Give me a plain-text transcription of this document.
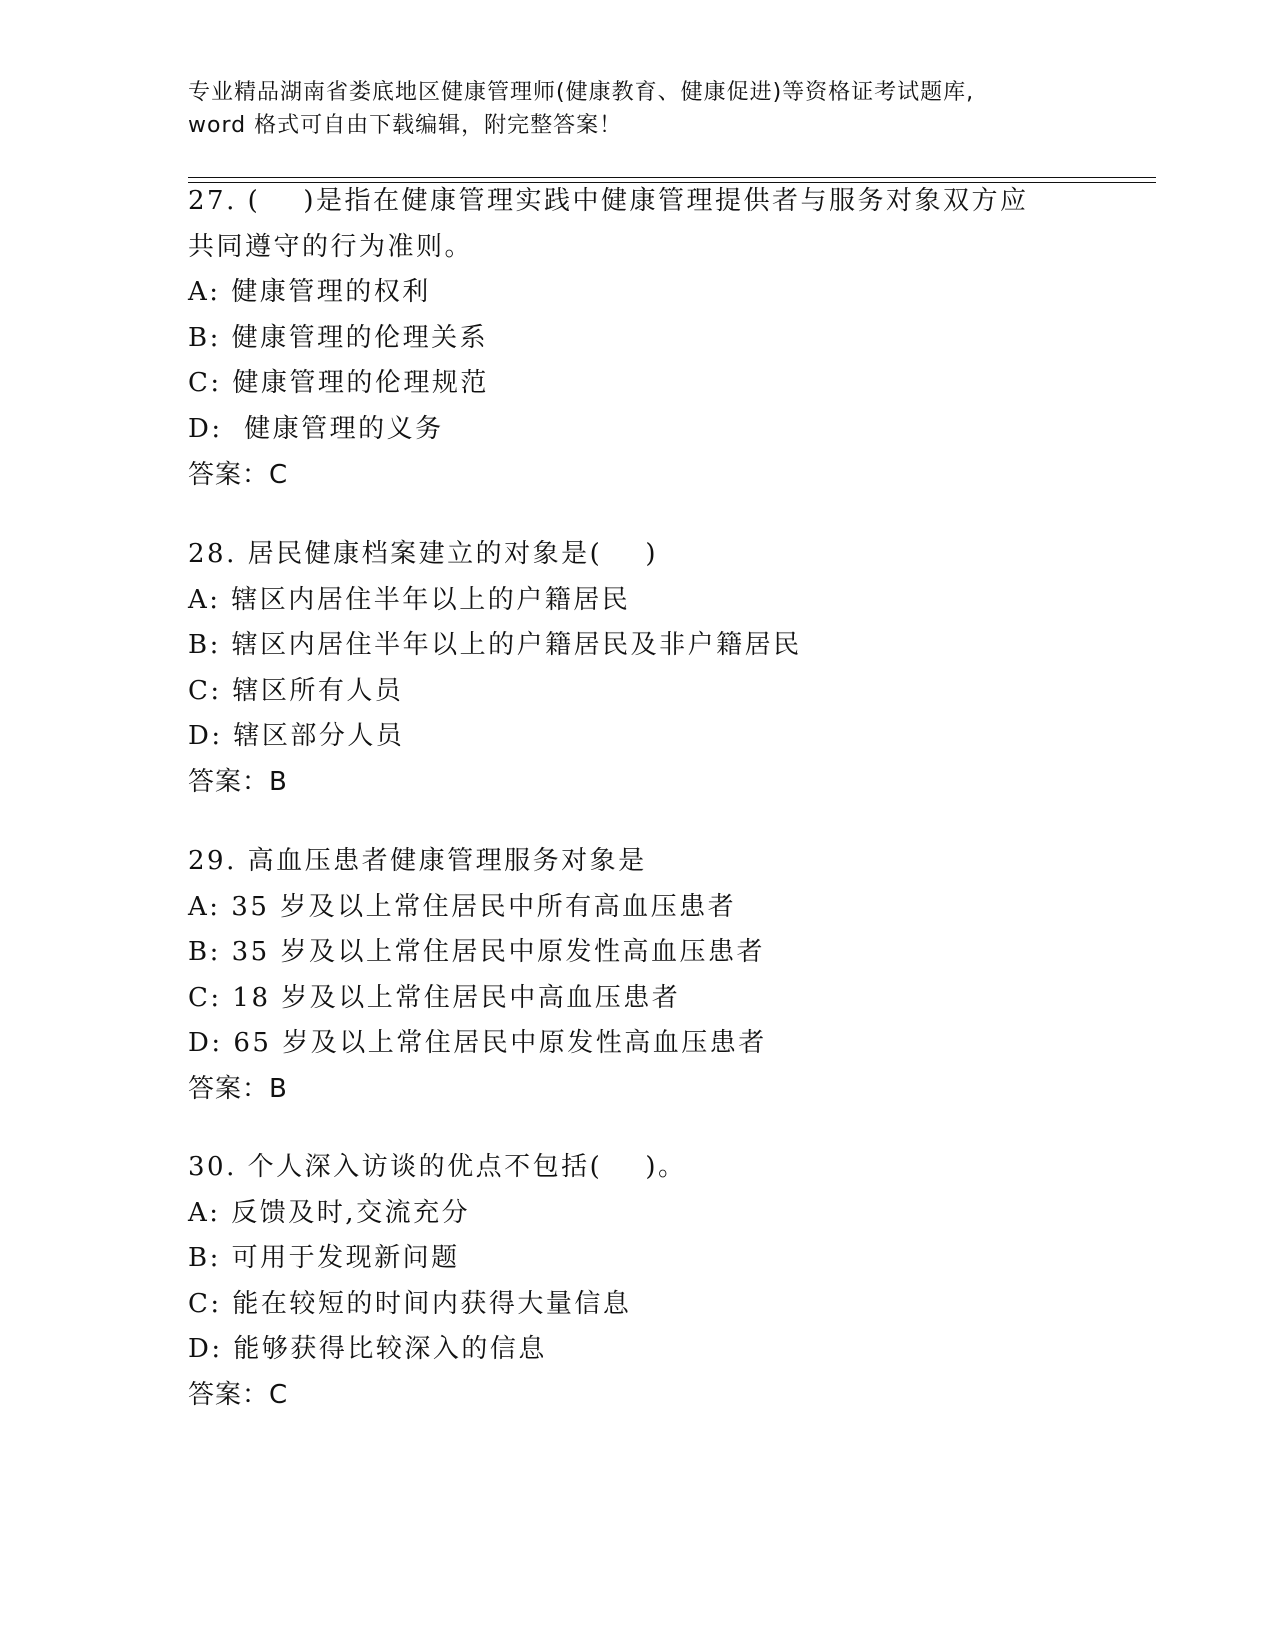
专业精品湖南省娄底地区健康管理师(健康教育、健康促进)等资格证考试题库,
word 格式可自由下载编辑，附完整答案！
27. (    )是指在健康管理实践中健康管理提供者与服务对象双方应
共同遵守的行为准则。
A: 健康管理的权利
B: 健康管理的伦理关系
C: 健康管理的伦理规范
D:  健康管理的义务
答案：C
28. 居民健康档案建立的对象是(    )
A: 辖区内居住半年以上的户籍居民
B: 辖区内居住半年以上的户籍居民及非户籍居民
C: 辖区所有人员
D: 辖区部分人员
答案：B
29. 高血压患者健康管理服务对象是
A: 35 岁及以上常住居民中所有高血压患者
B: 35 岁及以上常住居民中原发性高血压患者
C: 18 岁及以上常住居民中高血压患者
D: 65 岁及以上常住居民中原发性高血压患者
答案：B
30. 个人深入访谈的优点不包括(    )。
A: 反馈及时,交流充分
B: 可用于发现新问题
C: 能在较短的时间内获得大量信息
D: 能够获得比较深入的信息
答案：C
